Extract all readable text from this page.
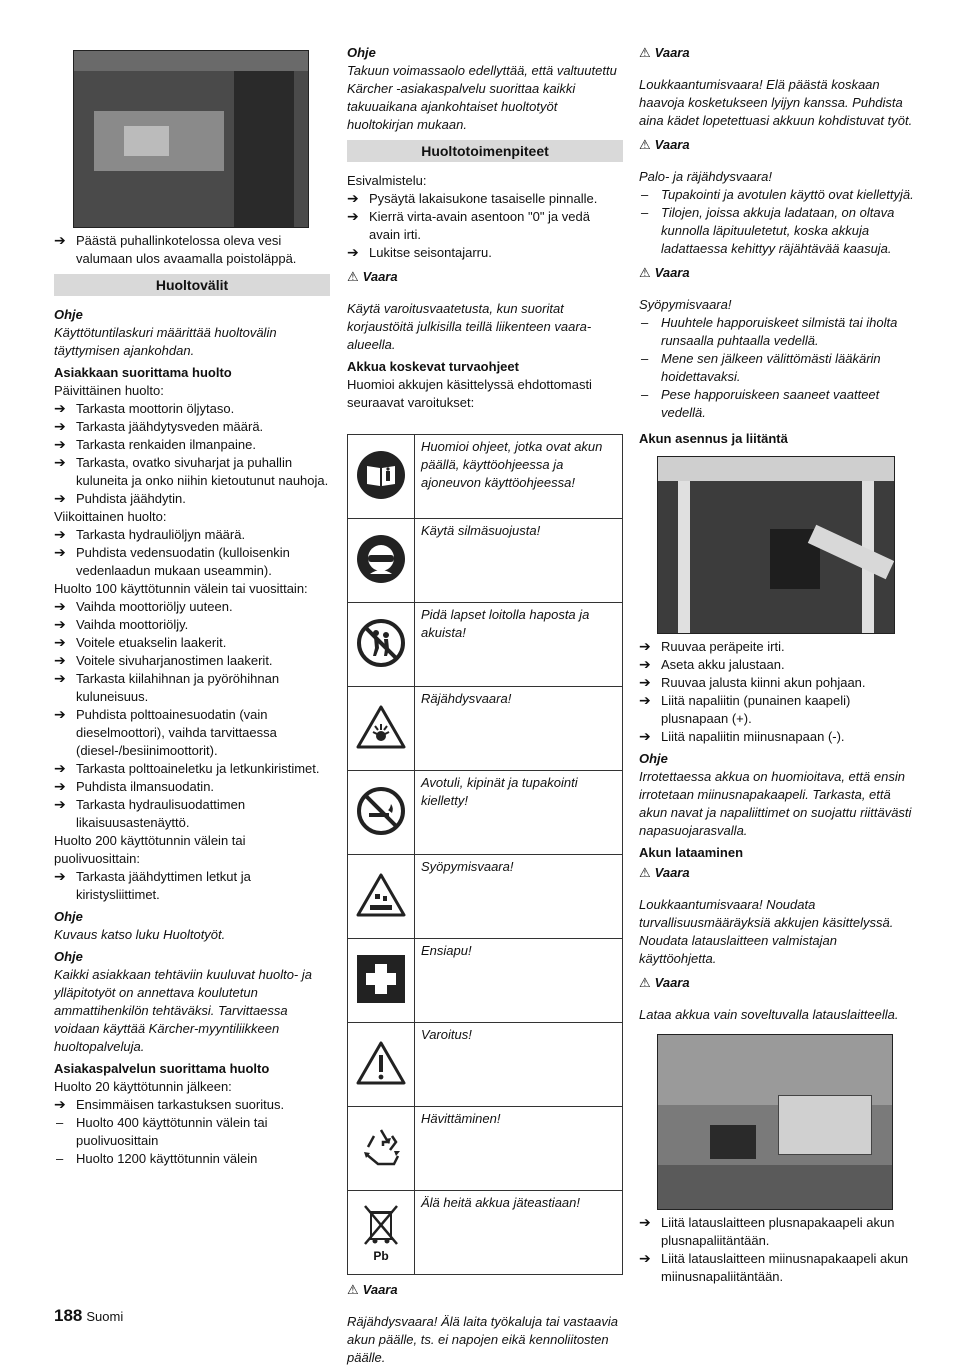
➔ Päästä puhallinkotelossa oleva vesi valumaan ulos avaamalla poistoläppä.

Huoltovälit

Ohje

Käyttötuntilaskuri määrittää huoltovälin täyttymisen ajankohdan.

Asiakkaan suorittama huolto

Päivittäinen huolto:

➔ Tarkasta moottorin öljytaso.

➔ Tarkasta jäähdytysveden määrä.

➔ Tarkasta renkaiden ilmanpaine.

➔ Tarkasta, ovatko sivuharjat ja puhallin kuluneita ja onko niihin kietoutunut nauhoja.

➔ Puhdista jäähdytin.

Viikoittainen huolto:

➔ Tarkasta hydrauliöljyn määrä.

➔ Puhdista vedensuodatin (kulloisenkin vedenlaadun mukaan useammin).

Huolto 100 käyttötunnin välein tai vuosittain:

➔ Vaihda moottoriöljy uuteen.

➔ Vaihda moottoriöljy.

➔ Voitele etuakselin laakerit.

➔ Voitele sivuharjanostimen laakerit.

➔ Tarkasta kiilahihnan ja pyöröhihnan kuluneisuus.

➔ Puhdista polttoainesuodatin (vain dieselmoottori), vaihda tarvittaessa (diesel-/besiinimoottorit).

➔ Tarkasta polttoaineletku ja letkunkiristimet.

➔ Puhdista ilmansuodatin.

➔ Tarkasta hydraulisuodattimen likaisuusastenäyttö.

Huolto 200 käyttötunnin välein tai puolivuosittain:

➔ Tarkasta jäähdyttimen letkut ja kiristysliittimet.

Ohje

Kuvaus katso luku Huoltotyöt.

Ohje

Kaikki asiakkaan tehtäviin kuuluvat huolto- ja ylläpitotyöt on annettava koulutetun ammattihenkilön tehtäväksi. Tarvittaessa voidaan käyttää Kärcher-myyntiliikkeen huoltopalveluja.

Asiakaspalvelun suorittama huolto

Huolto 20 käyttötunnin jälkeen:

➔ Ensimmäisen tarkastuksen suoritus.

– Huolto 400 käyttötunnin välein tai puolivuosittain

– Huolto 1200 käyttötunnin välein

Ohje

Takuun voimassaolo edellyttää, että valtuutettu Kärcher -asiakaspalvelu suorittaa kaikki takuuaikana ajankohtaiset huoltotyöt huoltokirjan mukaan.

Huoltotoimenpiteet

Esivalmistelu:

➔ Pysäytä lakaisukone tasaiselle pinnalle.

➔ Kierrä virta-avain asentoon "0" ja vedä avain irti.

➔ Lukitse seisontajarru.

⚠ Vaara

Käytä varoitusvaatetusta, kun suoritat korjaustöitä julkisilla teillä liikenteen vaara-alueella.

Akkua koskevat turvaohjeet

Huomioi akkujen käsittelyssä ehdottomasti seuraavat varoitukset:

	Huomioi ohjeet, jotka ovat akun päällä, käyttöohjeessa ja ajoneuvon käyttöohjeessa!
	Käytä silmäsuojusta!
	Pidä lapset loitolla haposta ja akuista!
	Räjähdysvaara!
	Avotuli, kipinät ja tupakointi kielletty!
	Syöpymisvaara!
	Ensiapu!
	Varoitus!
	Hävittäminen!

Pb	Älä heitä akkua jäteastiaan!

⚠ Vaara

Räjähdysvaara! Älä laita työkaluja tai vastaavia akun päälle, ts. ei napojen eikä kennoliitosten päälle.

⚠ Vaara

Loukkaantumisvaara! Elä päästä koskaan haavoja kosketukseen lyijyn kanssa. Puhdista aina kädet lopetettuasi akkuun kohdistuvat työt.

⚠ Vaara

Palo- ja räjähdysvaara!

– Tupakointi ja avotulen käyttö ovat kiellettyjä.

– Tilojen, joissa akkuja ladataan, on oltava kunnolla läpituuletetut, koska akkuja ladattaessa kehittyy räjähtävää kaasuja.

⚠ Vaara

Syöpymisvaara!

– Huuhtele happoruiskeet silmistä tai iholta runsaalla puhtaalla vedellä.

– Mene sen jälkeen välittömästi lääkärin hoidettavaksi.

– Pese happoruiskeen saaneet vaatteet vedellä.

Akun asennus ja liitäntä

➔ Ruuvaa peräpeite irti.

➔ Aseta akku jalustaan.

➔ Ruuvaa jalusta kiinni akun pohjaan.

➔ Liitä napaliitin (punainen kaapeli) plusnapaan (+).

➔ Liitä napaliitin miinusnapaan (-).

Ohje

Irrotettaessa akkua on huomioitava, että ensin irrotetaan miinusnapakaapeli. Tarkasta, että akun navat ja napaliittimet on suojattu riittävästi napasuojarasvalla.

Akun lataaminen

⚠ Vaara

Loukkaantumisvaara! Noudata turvallisuusmääräyksiä akkujen käsittelyssä. Noudata latauslaitteen valmistajan käyttöohjetta.

⚠ Vaara

Lataa akkua vain soveltuvalla latauslaitteella.

➔ Liitä latauslaitteen plusnapakaapeli akun plusnapaliitäntään.

➔ Liitä latauslaitteen miinusnapakaapeli akun miinusnapaliitäntään.

188 Suomi
